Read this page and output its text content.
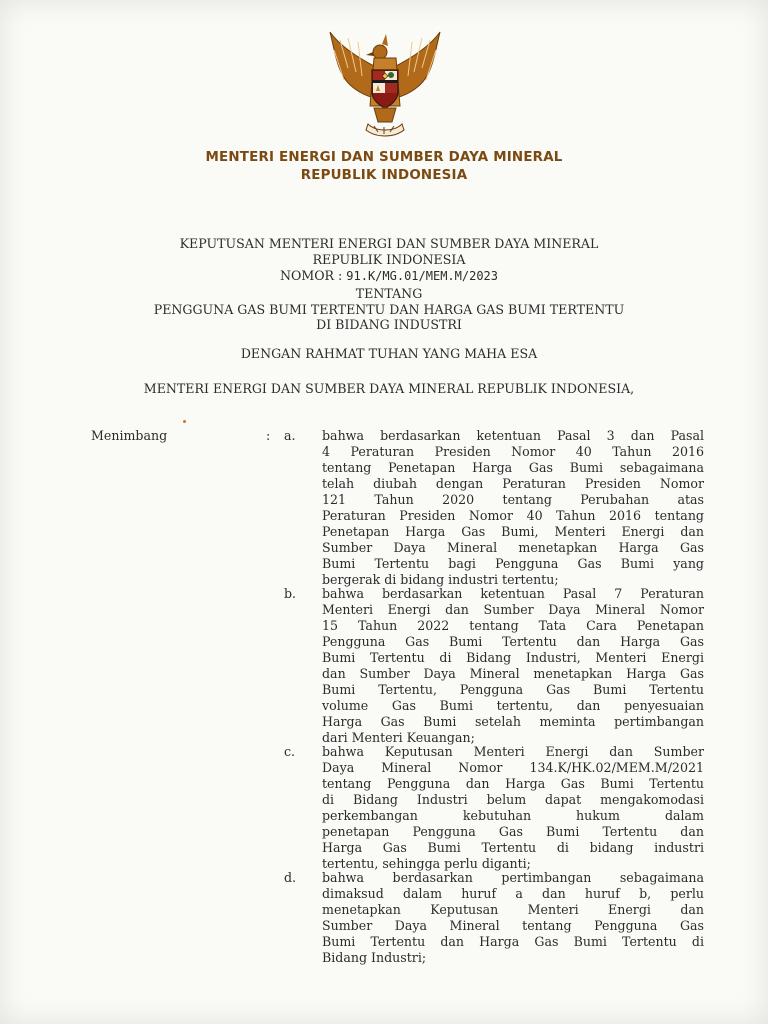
MENTERI ENERGI DAN SUMBER DAYA MINERAL
REPUBLIK INDONESIA
KEPUTUSAN MENTERI ENERGI DAN SUMBER DAYA MINERAL
REPUBLIK INDONESIA
NOMOR : 91.K/MG.01/MEM.M/2023
TENTANG
PENGGUNA GAS BUMI TERTENTU DAN HARGA GAS BUMI TERTENTU
DI BIDANG INDUSTRI
DENGAN RAHMAT TUHAN YANG MAHA ESA
MENTERI ENERGI DAN SUMBER DAYA MINERAL REPUBLIK INDONESIA,
Menimbang	: a.	bahwa berdasarkan ketentuan Pasal 3 dan Pasal
4 Peraturan Presiden Nomor 40 Tahun 2016
tentang Penetapan Harga Gas Bumi sebagaimana
telah diubah dengan Peraturan Presiden Nomor
121 Tahun 2020 tentang Perubahan atas
Peraturan Presiden Nomor 40 Tahun 2016 tentang
Penetapan Harga Gas Bumi, Menteri Energi dan
Sumber Daya Mineral menetapkan Harga Gas
Bumi Tertentu bagi Pengguna Gas Bumi yang
bergerak di bidang industri tertentu;
b.	bahwa berdasarkan ketentuan Pasal 7 Peraturan
Menteri Energi dan Sumber Daya Mineral Nomor
15 Tahun 2022 tentang Tata Cara Penetapan
Pengguna Gas Bumi Tertentu dan Harga Gas
Bumi Tertentu di Bidang Industri, Menteri Energi
dan Sumber Daya Mineral menetapkan Harga Gas
Bumi Tertentu, Pengguna Gas Bumi Tertentu
volume Gas Bumi tertentu, dan penyesuaian
Harga Gas Bumi setelah meminta pertimbangan
dari Menteri Keuangan;
c.	bahwa Keputusan Menteri Energi dan Sumber
Daya Mineral Nomor 134.K/HK.02/MEM.M/2021
tentang Pengguna dan Harga Gas Bumi Tertentu
di Bidang Industri belum dapat mengakomodasi
perkembangan kebutuhan hukum dalam
penetapan Pengguna Gas Bumi Tertentu dan
Harga Gas Bumi Tertentu di bidang industri
tertentu, sehingga perlu diganti;
d.	bahwa berdasarkan pertimbangan sebagaimana
dimaksud dalam huruf a dan huruf b, perlu
menetapkan Keputusan Menteri Energi dan
Sumber Daya Mineral tentang Pengguna Gas
Bumi Tertentu dan Harga Gas Bumi Tertentu di
Bidang Industri;
